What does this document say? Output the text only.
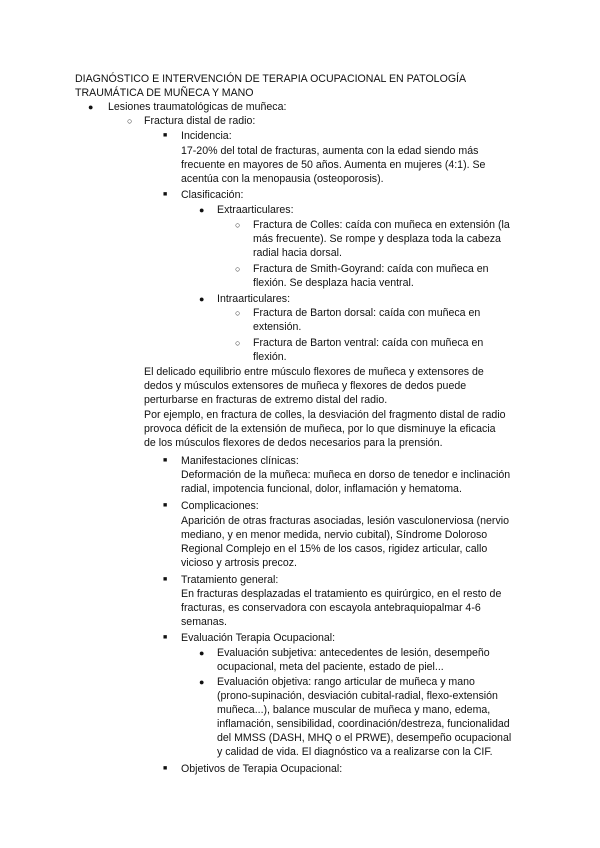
DIAGNÓSTICO E INTERVENCIÓN DE TERAPIA OCUPACIONAL EN PATOLOGÍA
TRAUMÁTICA DE MUÑECA Y MANO
● Lesiones traumatológicas de muñeca:
○ Fractura distal de radio:
■ Incidencia:
17-20% del total de fracturas, aumenta con la edad siendo más
frecuente en mayores de 50 años. Aumenta en mujeres (4:1). Se
acentúa con la menopausia (osteoporosis).
■ Clasificación:
● Extraarticulares:
○ Fractura de Colles: caída con muñeca en extensión (la
más frecuente). Se rompe y desplaza toda la cabeza
radial hacia dorsal.
○ Fractura de Smith-Goyrand: caída con muñeca en
flexión. Se desplaza hacia ventral.
● Intraarticulares:
○ Fractura de Barton dorsal: caída con muñeca en
extensión.
○ Fractura de Barton ventral: caída con muñeca en
flexión.
El delicado equilibrio entre músculo flexores de muñeca y extensores de
dedos y músculos extensores de muñeca y flexores de dedos puede
perturbarse en fracturas de extremo distal del radio.
Por ejemplo, en fractura de colles, la desviación del fragmento distal de radio
provoca déficit de la extensión de muñeca, por lo que disminuye la eficacia
de los músculos flexores de dedos necesarios para la prensión.
■ Manifestaciones clínicas:
Deformación de la muñeca: muñeca en dorso de tenedor e inclinación
radial, impotencia funcional, dolor, inflamación y hematoma.
■ Complicaciones:
Aparición de otras fracturas asociadas, lesión vasculonerviosa (nervio
mediano, y en menor medida, nervio cubital), Síndrome Doloroso
Regional Complejo en el 15% de los casos, rigidez articular, callo
vicioso y artrosis precoz.
■ Tratamiento general:
En fracturas desplazadas el tratamiento es quirúrgico, en el resto de
fracturas, es conservadora con escayola antebraquiopalmar 4-6
semanas.
■ Evaluación Terapia Ocupacional:
● Evaluación subjetiva: antecedentes de lesión, desempeño
ocupacional, meta del paciente, estado de piel...
● Evaluación objetiva: rango articular de muñeca y mano
(prono-supinación, desviación cubital-radial, flexo-extensión
muñeca...), balance muscular de muñeca y mano, edema,
inflamación, sensibilidad, coordinación/destreza, funcionalidad
del MMSS (DASH, MHQ o el PRWE), desempeño ocupacional
y calidad de vida. El diagnóstico va a realizarse con la CIF.
■ Objetivos de Terapia Ocupacional:
